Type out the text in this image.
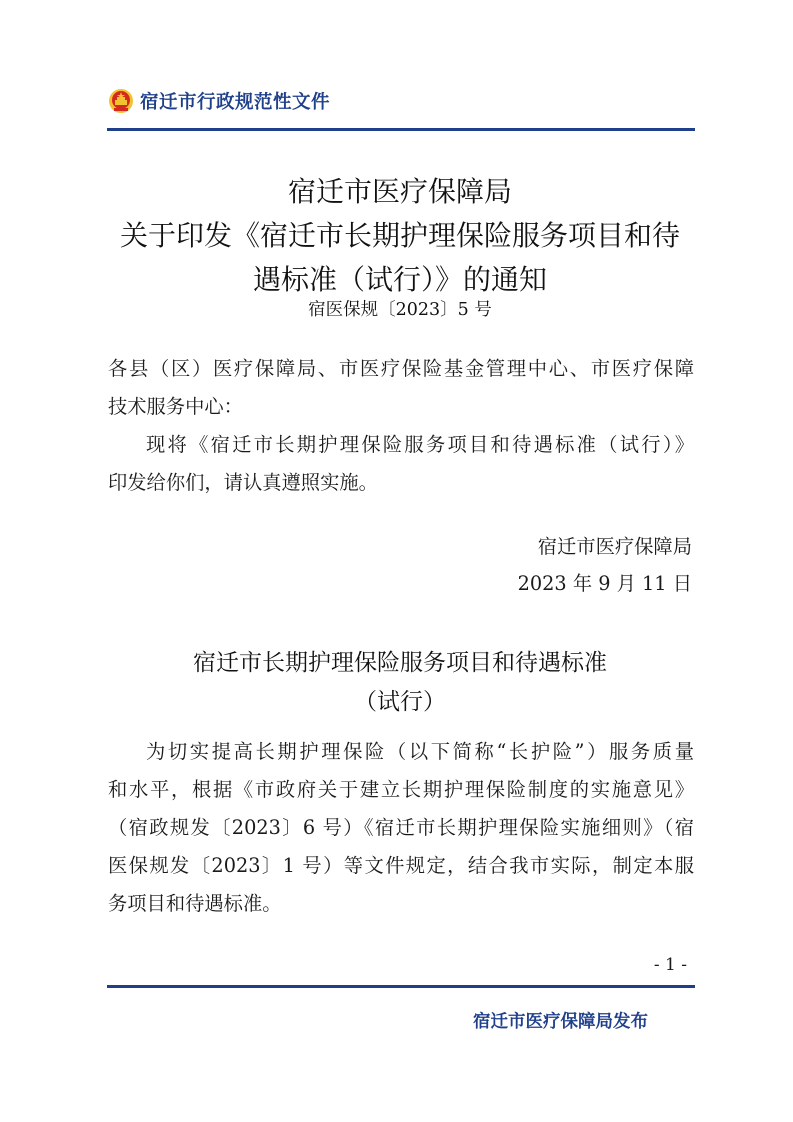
宿迁市行政规范性文件
宿迁市医疗保障局
关于印发《宿迁市长期护理保险服务项目和待
遇标准（试行）》的通知
宿医保规〔2023〕5 号
各县（区）医疗保障局、市医疗保险基金管理中心、市医疗保障
技术服务中心：
现将《宿迁市长期护理保险服务项目和待遇标准（试行）》
印发给你们，请认真遵照实施。
宿迁市医疗保障局
2023 年 9 月 11 日
宿迁市长期护理保险服务项目和待遇标准
（试行）
为切实提高长期护理保险（以下简称“长护险”）服务质量
和水平，根据《市政府关于建立长期护理保险制度的实施意见》
（宿政规发〔2023〕6 号）《宿迁市长期护理保险实施细则》（宿
医保规发〔2023〕1 号）等文件规定，结合我市实际，制定本服
务项目和待遇标准。
- 1 -
宿迁市医疗保障局发布
